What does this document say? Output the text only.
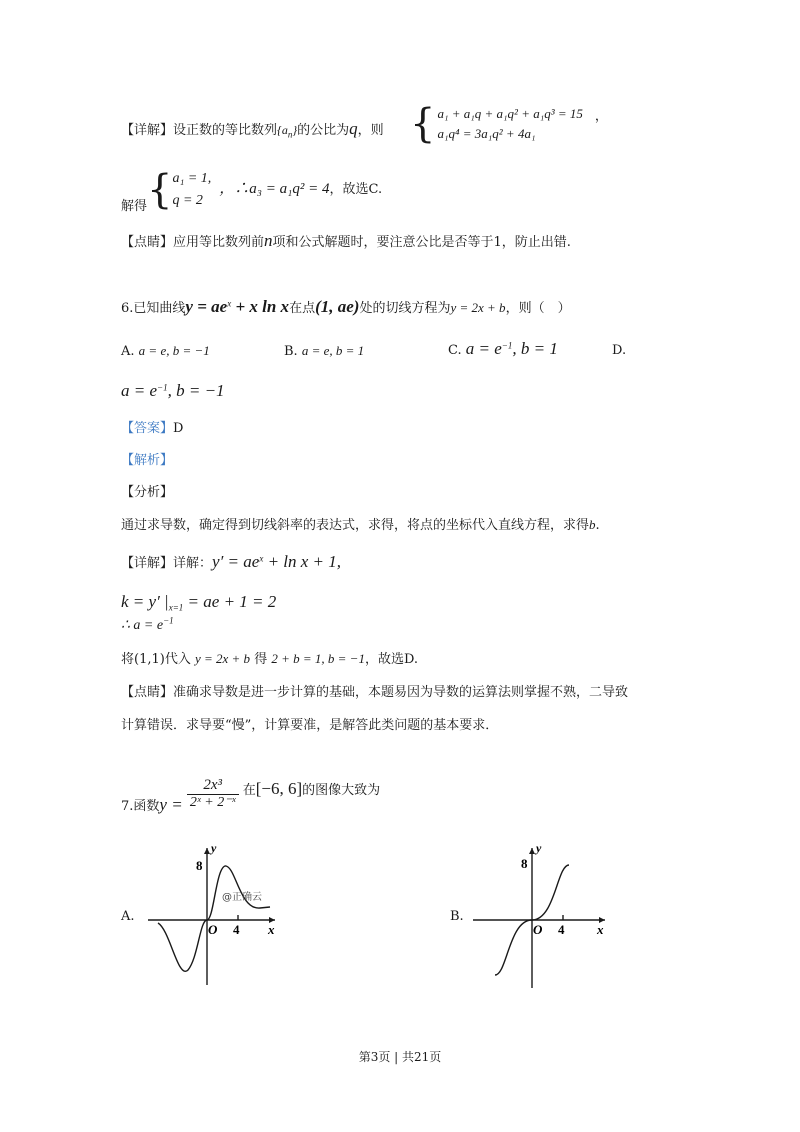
【详解】设正数的等比数列$\{a_n\}$的公比为q，则 { a₁ + a₁q + a₁q² + a₁q³ = 15
a₁q⁴ = 3a₁q² + 4a₁，
解得{a₁ = 1,
q = 2，∴a₃ = a₁q² = 4，故选C.
【点睛】应用等比数列前n项和公式解题时，要注意公比是否等于1，防止出错.
6.已知曲线$y = ae^x + x$ ln x在点(1, ae)处的切线方程为y = 2x + b，则（　）
A. a = e, b = −1	B. a = e, b = 1	C. $a = e^{-1}$, b = 1	D.
$a = e^{-1}$, b = −1
【答案】D
【解析】
【分析】
通过求导数，确定得到切线斜率的表达式，求得，将点的坐标代入直线方程，求得b.
【详解】详解：$y' = ae^x + \ln x + 1$,
k = y′ $|_{x=1}$ = ae + 1 = 2
∴ $a = e^{-1}$
将(1,1)代入 y = 2x + b 得 2 + b = 1, b = −1，故选D.
【点睛】准确求导数是进一步计算的基础，本题易因为导数的运算法则掌握不熟，二导致
计算错误．求导要“慢”，计算要准，是解答此类问题的基本要求．
7.函数$y = \frac{\text{2x³}}{\text{2ˣ + 2⁻ˣ}}$ 在[−6, 6]的图像大致为
A.
y
8
O 4 x
@正确云
B.
y
8
O 4	x
第3页 | 共21页
